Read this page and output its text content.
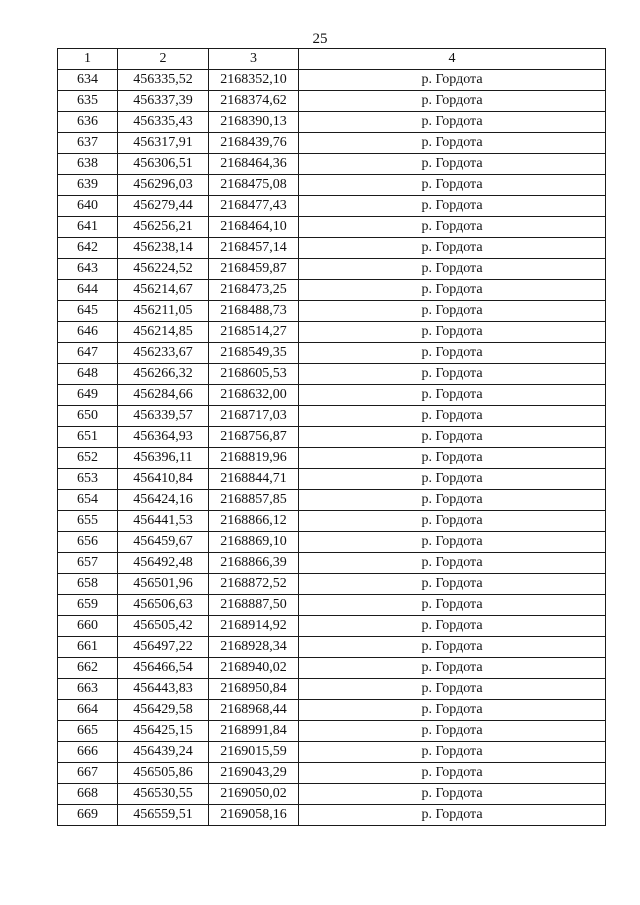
25
1	2	3	4
634	456335,52	2168352,10	р. Гордота
635	456337,39	2168374,62	р. Гордота
636	456335,43	2168390,13	р. Гордота
637	456317,91	2168439,76	р. Гордота
638	456306,51	2168464,36	р. Гордота
639	456296,03	2168475,08	р. Гордота
640	456279,44	2168477,43	р. Гордота
641	456256,21	2168464,10	р. Гордота
642	456238,14	2168457,14	р. Гордота
643	456224,52	2168459,87	р. Гордота
644	456214,67	2168473,25	р. Гордота
645	456211,05	2168488,73	р. Гордота
646	456214,85	2168514,27	р. Гордота
647	456233,67	2168549,35	р. Гордота
648	456266,32	2168605,53	р. Гордота
649	456284,66	2168632,00	р. Гордота
650	456339,57	2168717,03	р. Гордота
651	456364,93	2168756,87	р. Гордота
652	456396,11	2168819,96	р. Гордота
653	456410,84	2168844,71	р. Гордота
654	456424,16	2168857,85	р. Гордота
655	456441,53	2168866,12	р. Гордота
656	456459,67	2168869,10	р. Гордота
657	456492,48	2168866,39	р. Гордота
658	456501,96	2168872,52	р. Гордота
659	456506,63	2168887,50	р. Гордота
660	456505,42	2168914,92	р. Гордота
661	456497,22	2168928,34	р. Гордота
662	456466,54	2168940,02	р. Гордота
663	456443,83	2168950,84	р. Гордота
664	456429,58	2168968,44	р. Гордота
665	456425,15	2168991,84	р. Гордота
666	456439,24	2169015,59	р. Гордота
667	456505,86	2169043,29	р. Гордота
668	456530,55	2169050,02	р. Гордота
669	456559,51	2169058,16	р. Гордота
